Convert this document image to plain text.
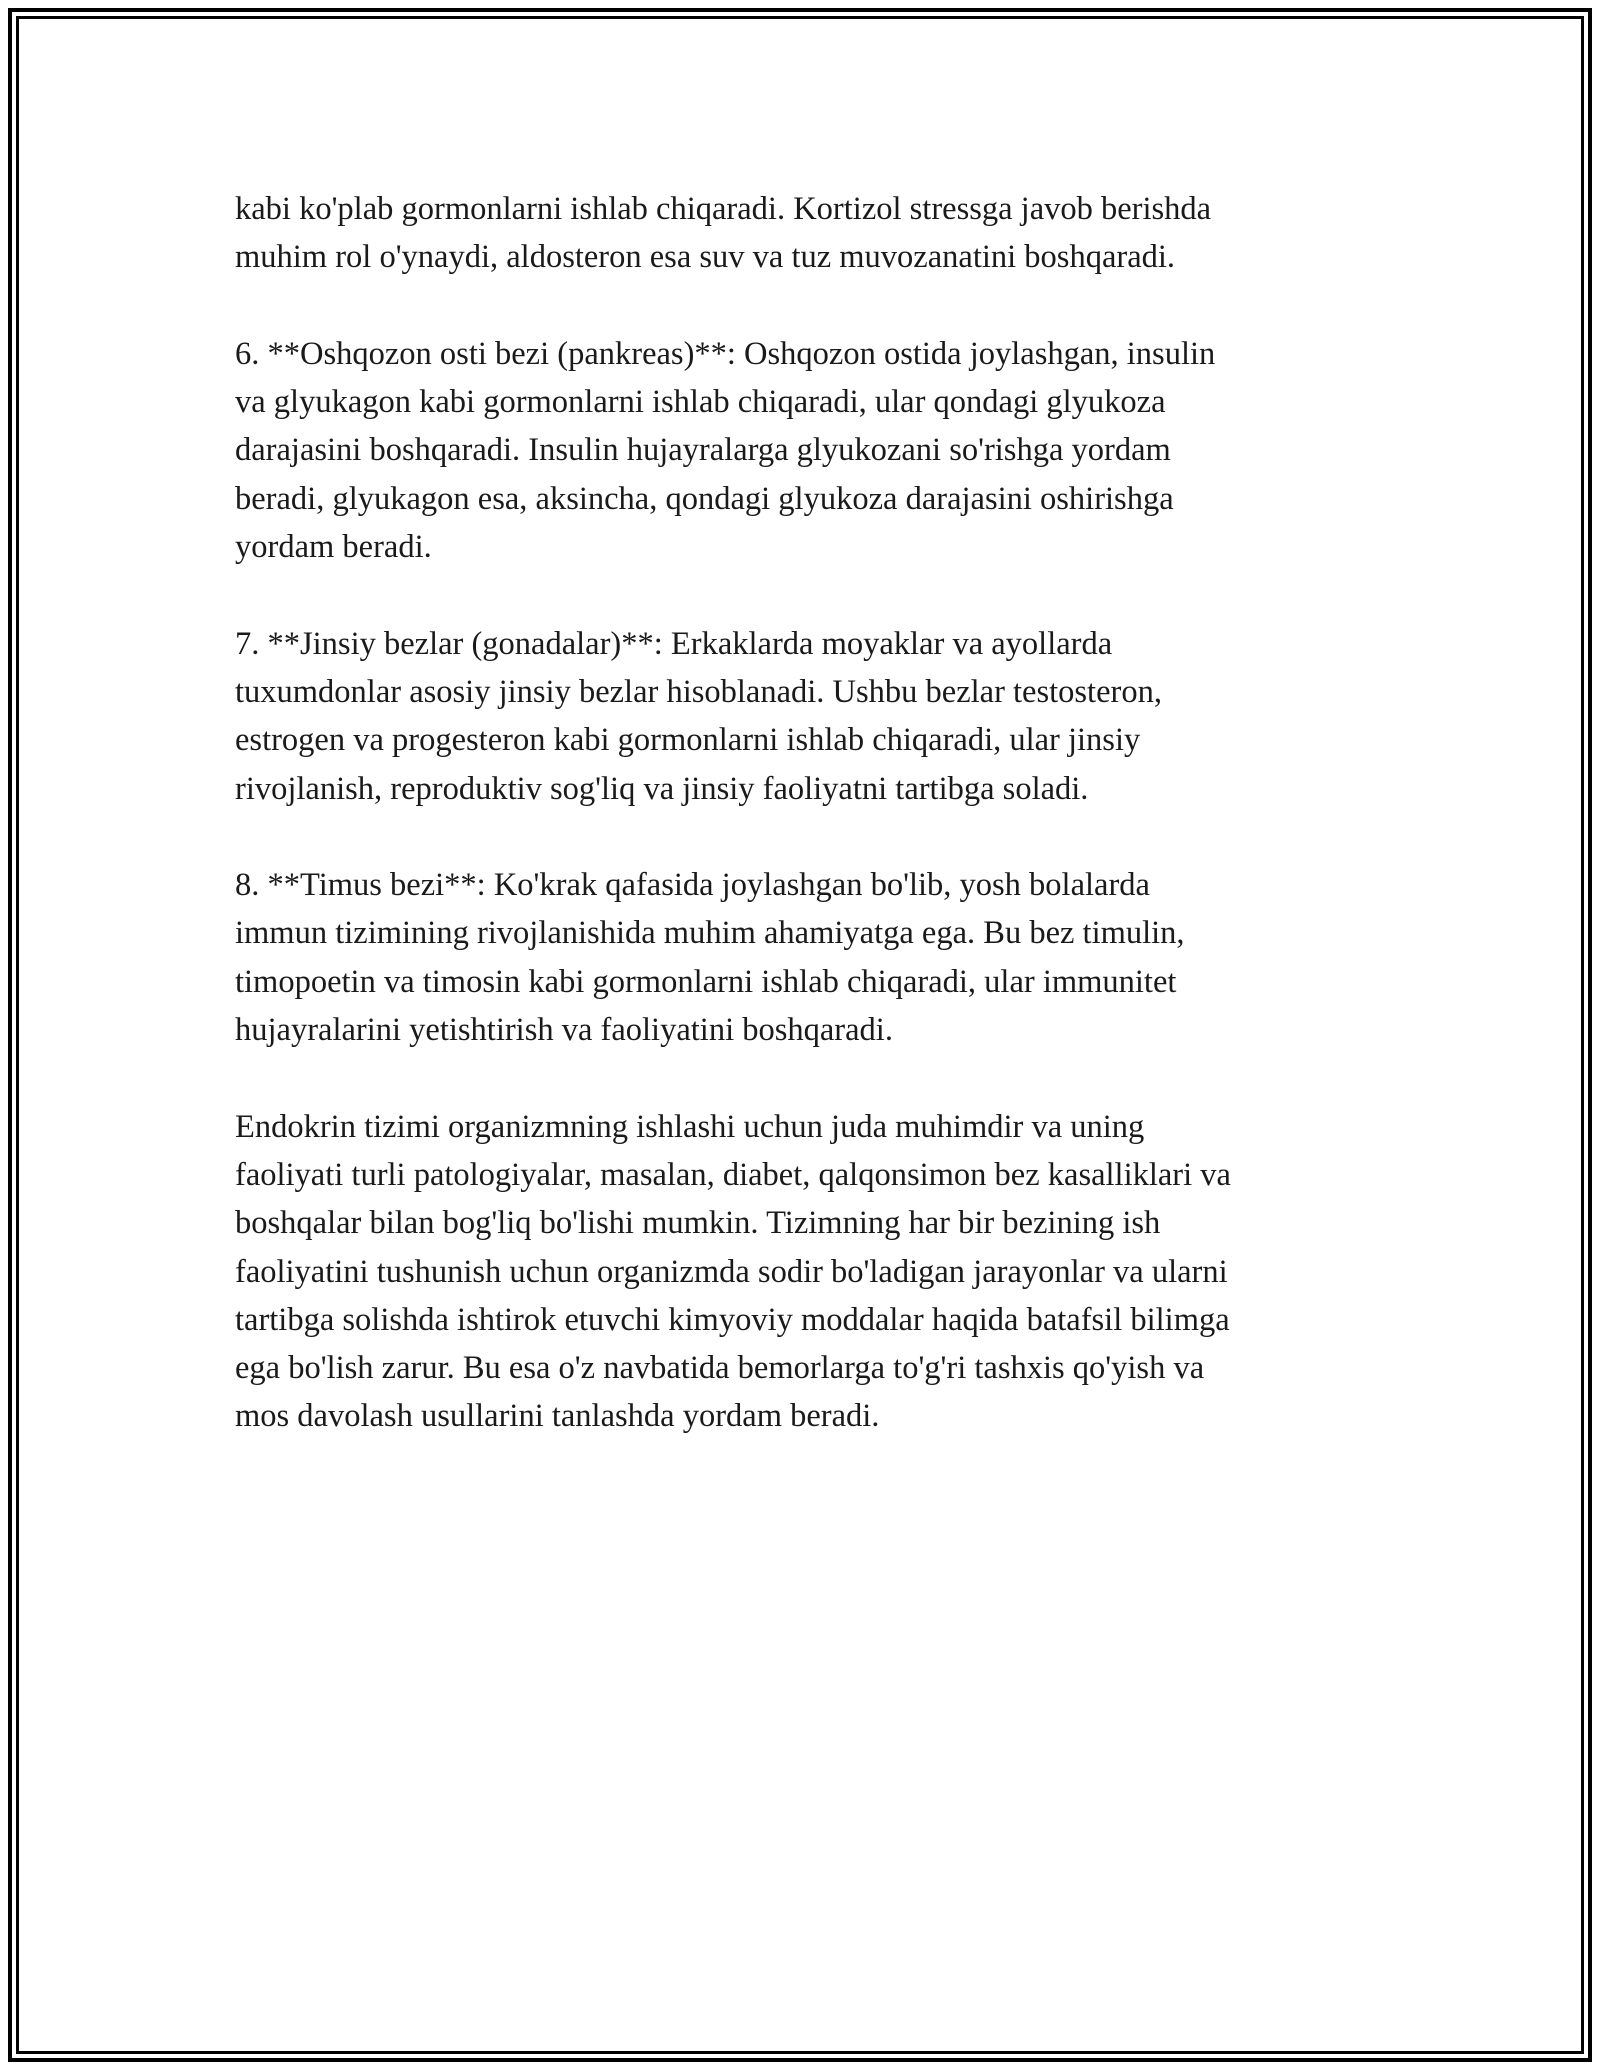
kabi ko'plab gormonlarni ishlab chiqaradi. Kortizol stressga javob berishda
muhim rol o'ynaydi, aldosteron esa suv va tuz muvozanatini boshqaradi.

6. **Oshqozon osti bezi (pankreas)**: Oshqozon ostida joylashgan, insulin
va glyukagon kabi gormonlarni ishlab chiqaradi, ular qondagi glyukoza
darajasini boshqaradi. Insulin hujayralarga glyukozani so'rishga yordam
beradi, glyukagon esa, aksincha, qondagi glyukoza darajasini oshirishga
yordam beradi.

7. **Jinsiy bezlar (gonadalar)**: Erkaklarda moyaklar va ayollarda
tuxumdonlar asosiy jinsiy bezlar hisoblanadi. Ushbu bezlar testosteron,
estrogen va progesteron kabi gormonlarni ishlab chiqaradi, ular jinsiy
rivojlanish, reproduktiv sog'liq va jinsiy faoliyatni tartibga soladi.

8. **Timus bezi**: Ko'krak qafasida joylashgan bo'lib, yosh bolalarda
immun tizimining rivojlanishida muhim ahamiyatga ega. Bu bez timulin,
timopoetin va timosin kabi gormonlarni ishlab chiqaradi, ular immunitet
hujayralarini yetishtirish va faoliyatini boshqaradi.

Endokrin tizimi organizmning ishlashi uchun juda muhimdir va uning
faoliyati turli patologiyalar, masalan, diabet, qalqonsimon bez kasalliklari va
boshqalar bilan bog'liq bo'lishi mumkin. Tizimning har bir bezining ish
faoliyatini tushunish uchun organizmda sodir bo'ladigan jarayonlar va ularni
tartibga solishda ishtirok etuvchi kimyoviy moddalar haqida batafsil bilimga
ega bo'lish zarur. Bu esa o'z navbatida bemorlarga to'g'ri tashxis qo'yish va
mos davolash usullarini tanlashda yordam beradi.
